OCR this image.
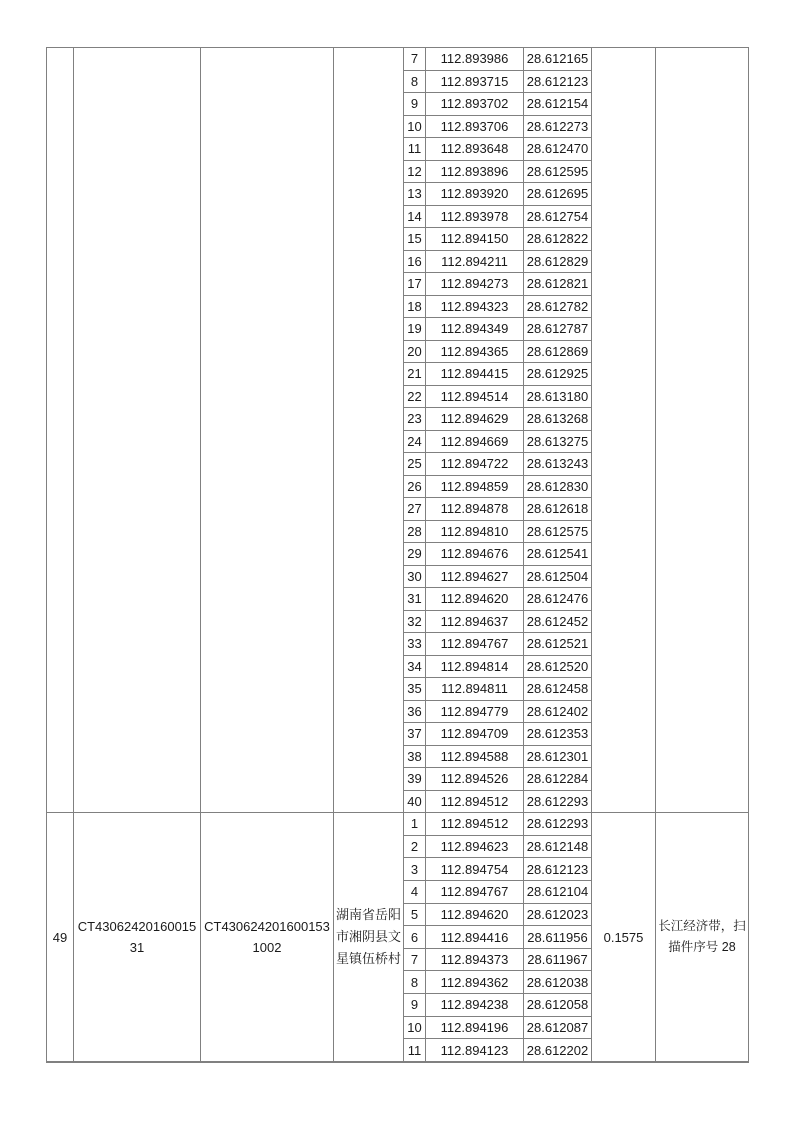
7 112.893986 28.612165
8 112.893715 28.612123
9 112.893702 28.612154
10 112.893706 28.612273
11 112.893648 28.612470
12 112.893896 28.612595
13 112.893920 28.612695
14 112.893978 28.612754
15 112.894150 28.612822
16 112.894211 28.612829
17 112.894273 28.612821
18 112.894323 28.612782
19 112.894349 28.612787
20 112.894365 28.612869
21 112.894415 28.612925
22 112.894514 28.613180
23 112.894629 28.613268
24 112.894669 28.613275
25 112.894722 28.613243
26 112.894859 28.612830
27 112.894878 28.612618
28 112.894810 28.612575
29 112.894676 28.612541
30 112.894627 28.612504
31 112.894620 28.612476
32 112.894637 28.612452
33 112.894767 28.612521
34 112.894814 28.612520
35 112.894811 28.612458
36 112.894779 28.612402
37 112.894709 28.612353
38 112.894588 28.612301
39 112.894526 28.612284
40 112.894512 28.612293
49
CT4306242016001531
CT4306242016001531002
湖南省岳阳市湘阴县文星镇伍桥村
1 112.894512 28.612293
2 112.894623 28.612148
3 112.894754 28.612123
4 112.894767 28.612104
5 112.894620 28.612023
6 112.894416 28.611956
7 112.894373 28.611967
8 112.894362 28.612038
9 112.894238 28.612058
10 112.894196 28.612087
11 112.894123 28.612202
0.1575
长江经济带，扫描件序号 28
